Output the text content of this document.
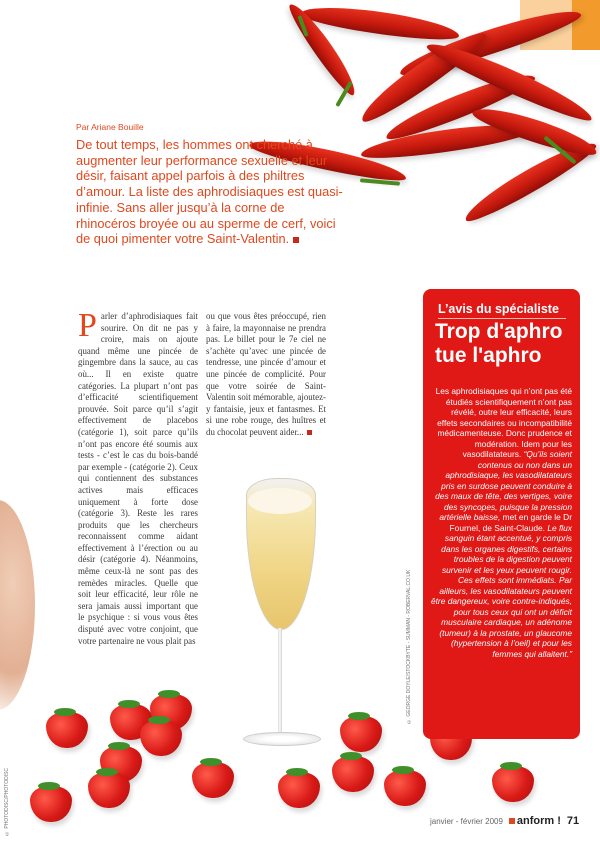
Par Ariane Bouille

De tout temps, les hommes ont cherché à augmenter leur performance sexuelle et leur désir, faisant appel parfois à des philtres d’amour. La liste des aphrodisiaques est quasi-infinie. Sans aller jusqu’à la corne de rhinocéros broyée ou au sperme de cerf, voici de quoi pimenter votre Saint-Valentin.

Parler d’aphrodisiaques fait sourire. On dit ne pas y croire, mais on ajoute quand même une pincée de gingembre dans la sauce, au cas où... Il en existe quatre catégories. La plupart n’ont pas d’efficacité scientifiquement prouvée. Soit parce qu’il s’agit effectivement de placebos (catégorie 1), soit parce qu’ils n’ont pas encore été soumis aux tests - c’est le cas du bois-bandé par exemple - (catégorie 2). Ceux qui contiennent des substances actives mais efficaces uniquement à forte dose (catégorie 3). Reste les rares produits que les chercheurs reconnaissent comme aidant effectivement à l’érection ou au désir (catégorie 4). Néanmoins, même ceux-là ne sont pas des remèdes miracles. Quelle que soit leur efficacité, leur rôle ne sera jamais aussi important que le psychique : si vous vous êtes disputé avec votre conjoint, que votre partenaire ne vous plait pas

ou que vous êtes préoccupé, rien à faire, la mayonnaise ne prendra pas. Le billet pour le 7e ciel ne s’achète qu’avec une pincée de tendresse, une pincée d’amour et une pincée de complicité. Pour que votre soirée de Saint-Valentin soit mémorable, ajoutez-y fantaisie, jeux et fantasmes. Et si une robe rouge, des huîtres et du chocolat peuvent aider...

L’avis du spécialiste
Trop d'aphro tue l'aphro

Les aphrodisiaques qui n’ont pas été étudiés scientifiquement n’ont pas révélé, outre leur efficacité, leurs effets secondaires ou incompatibilité médicamenteuse. Donc prudence et modération. Idem pour les vasodilatateurs. “Qu’ils soient contenus ou non dans un aphrodisiaque, les vasodilatateurs pris en surdose peuvent conduire à des maux de tête, des vertiges, voire des syncopes, puisque la pression artérielle baisse, met en garde le Dr Fournel, de Saint-Claude. Le flux sanguin étant accentué, y compris dans les organes digestifs, certains troubles de la digestion peuvent survenir et les yeux peuvent rougir. Ces effets sont immédiats. Par ailleurs, les vasodilatateurs peuvent être dangereux, voire contre-indiqués, pour tous ceux qui ont un déficit musculaire cardiaque, un adénome (tumeur) à la prostate, un glaucome (hypertension à l’oeil) et pour les femmes qui allaitent.”

© GEORGE DOYLE/STOCKBYTE - SUMMAN - ROBERVAL.CO.UK
© PHOTODISC/PHOTODISC	janvier - février 2009 anform ! 71
